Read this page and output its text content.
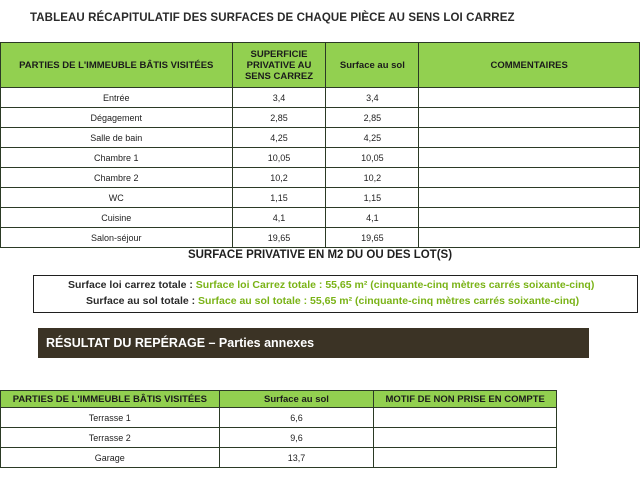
TABLEAU RÉCAPITULATIF DES SURFACES DE CHAQUE PIÈCE AU SENS LOI CARREZ
PARTIES DE L'IMMEUBLE BÂTIS VISITÉES	SUPERFICIE PRIVATIVE AU SENS CARREZ	Surface au sol	COMMENTAIRES
Entrée	3,4	3,4	
Dégagement	2,85	2,85	
Salle de bain	4,25	4,25	
Chambre 1	10,05	10,05	
Chambre 2	10,2	10,2	
WC	1,15	1,15	
Cuisine	4,1	4,1	
Salon-séjour	19,65	19,65	
SURFACE PRIVATIVE EN M2 DU OU DES LOT(S)
Surface loi carrez totale : Surface loi Carrez totale : 55,65 m² (cinquante-cinq mètres carrés soixante-cinq)
Surface au sol totale : Surface au sol totale : 55,65 m² (cinquante-cinq mètres carrés soixante-cinq)
RÉSULTAT DU REPÉRAGE – Parties annexes
PARTIES DE L'IMMEUBLE BÂTIS VISITÉES	Surface au sol	MOTIF DE NON PRISE EN COMPTE
Terrasse 1	6,6	
Terrasse 2	9,6	
Garage	13,7	
